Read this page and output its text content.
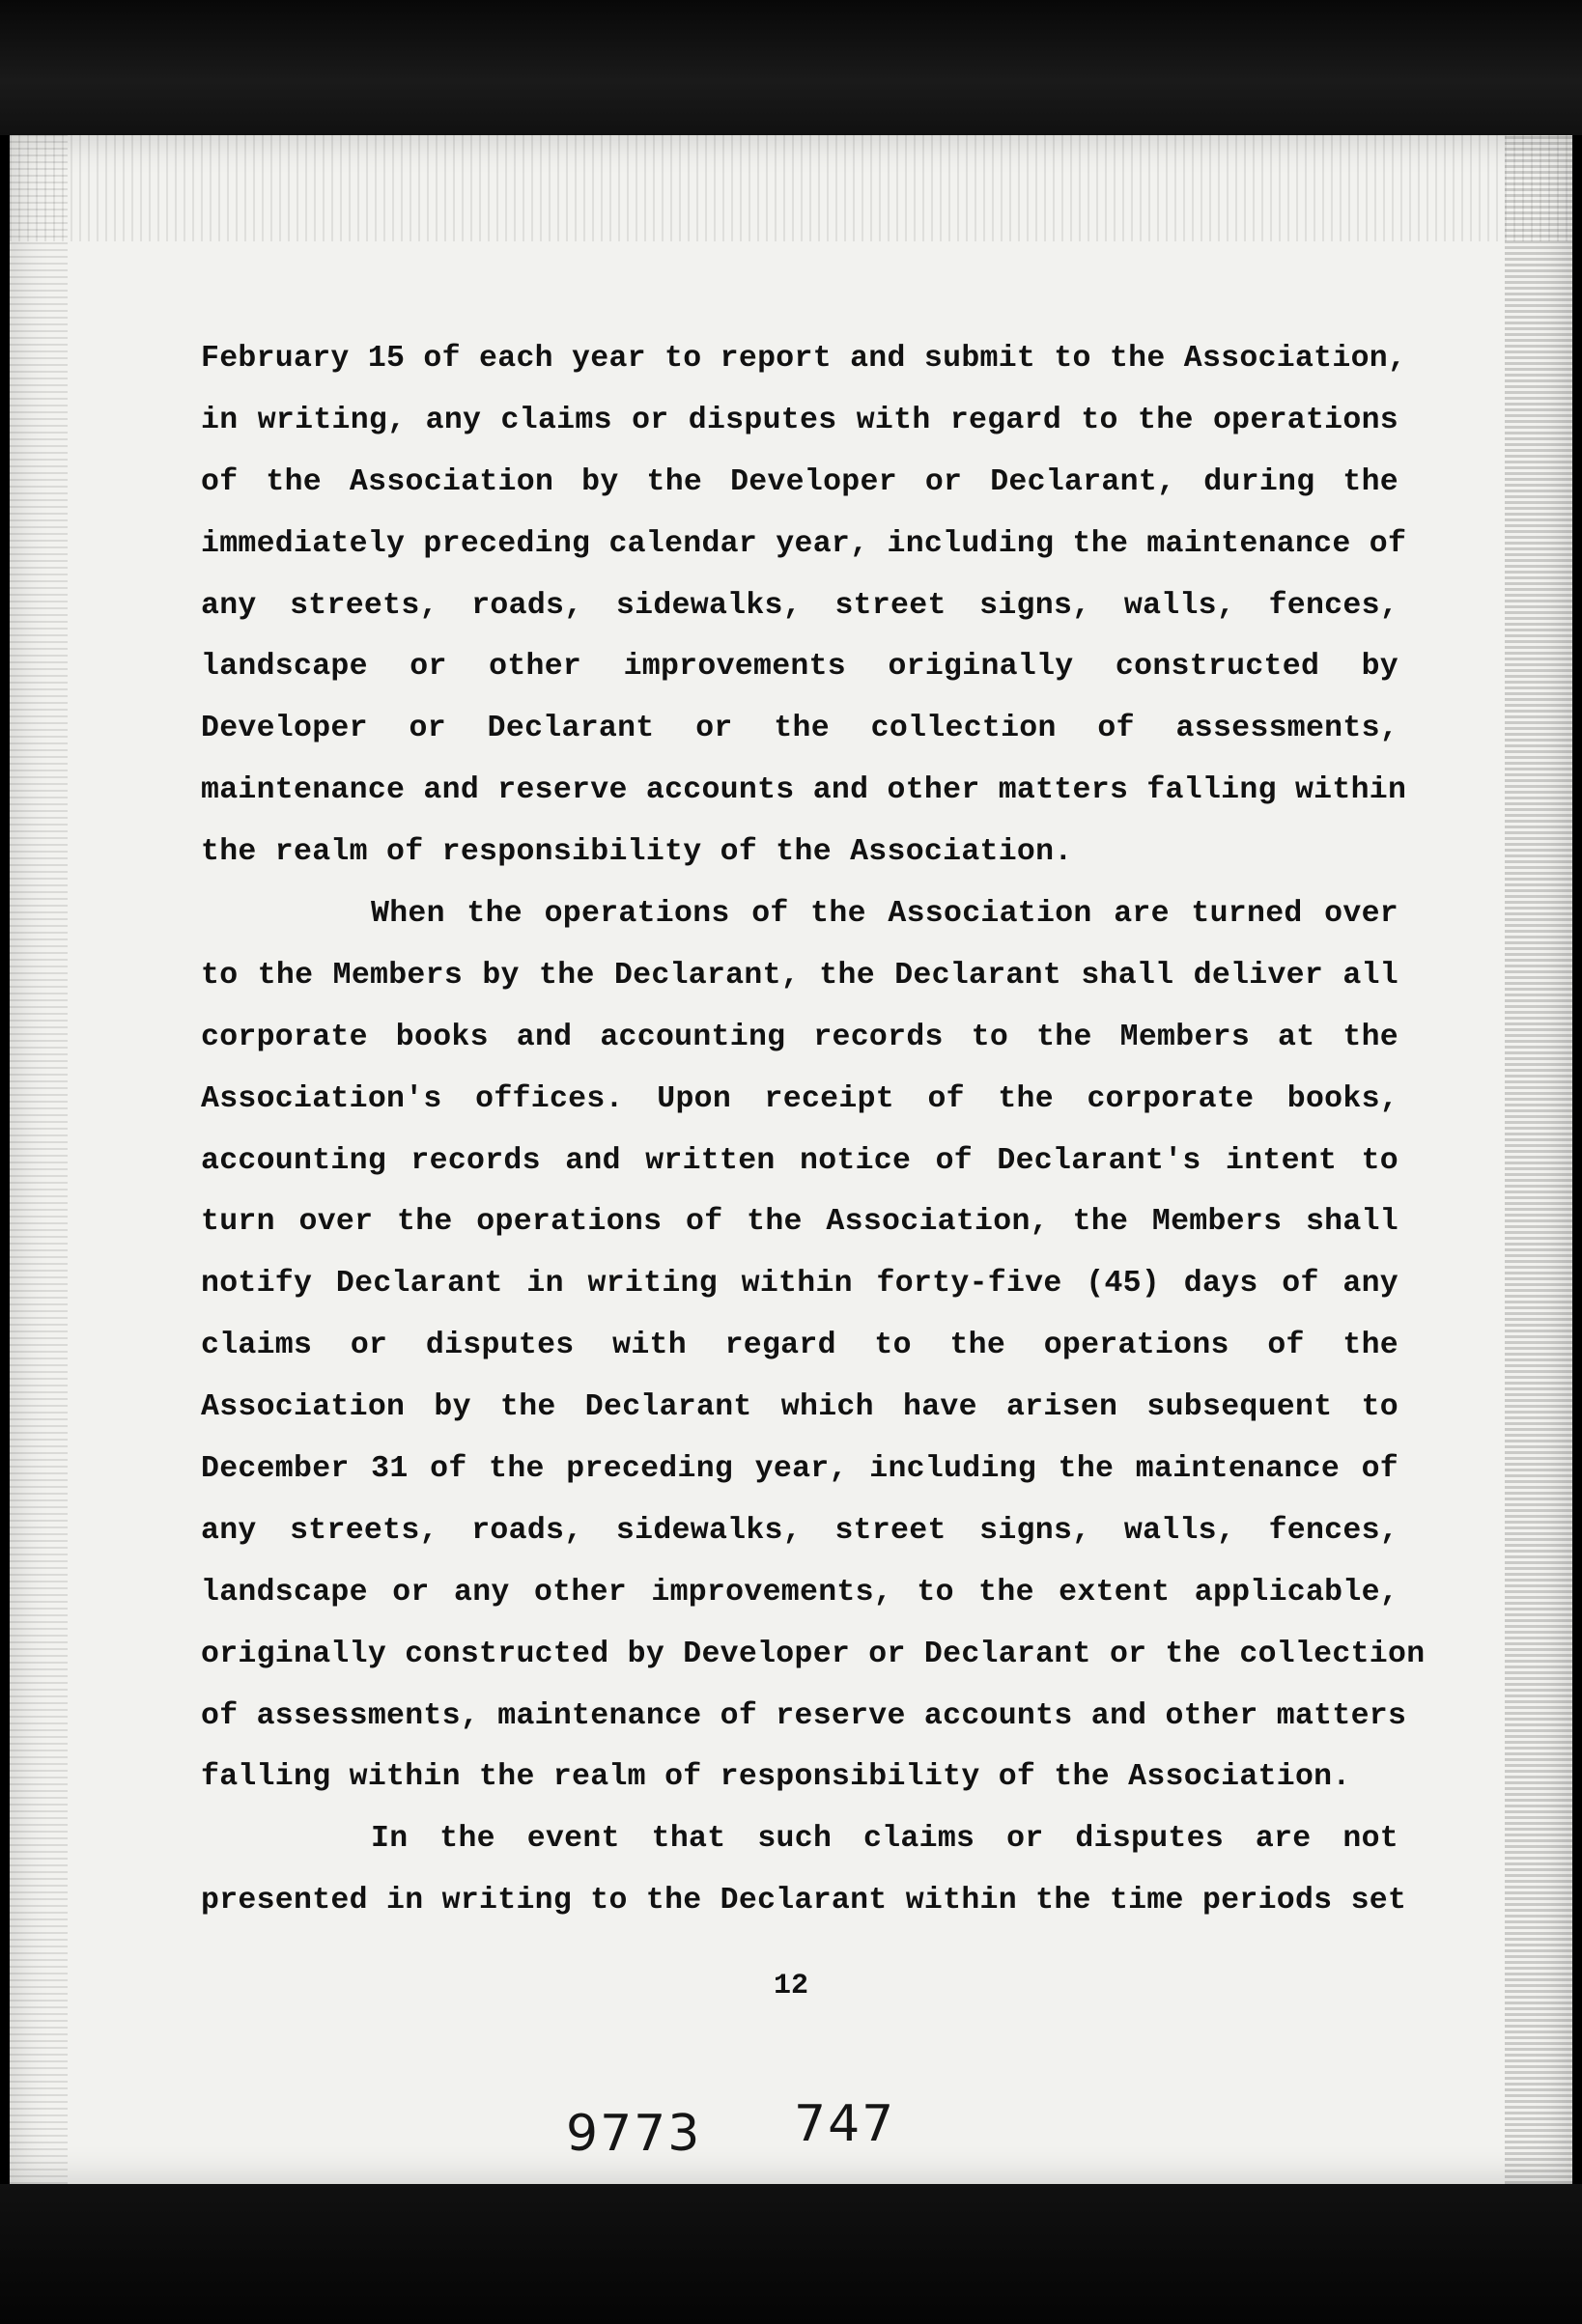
February 15 of each year to report and submit to the Association,
in writing, any claims or disputes with regard to the operations
of the Association by the Developer or Declarant, during the
immediately preceding calendar year, including the maintenance of
any streets, roads, sidewalks, street signs, walls, fences,
landscape or other improvements originally constructed by
Developer or Declarant or the collection of assessments,
maintenance and reserve accounts and other matters falling within
the realm of responsibility of the Association.
When the operations of the Association are turned over
to the Members by the Declarant, the Declarant shall deliver all
corporate books and accounting records to the Members at the
Association's offices. Upon receipt of the corporate books,
accounting records and written notice of Declarant's intent to
turn over the operations of the Association, the Members shall
notify Declarant in writing within forty-five (45) days of any
claims or disputes with regard to the operations of the
Association by the Declarant which have arisen subsequent to
December 31 of the preceding year, including the maintenance of
any streets, roads, sidewalks, street signs, walls, fences,
landscape or any other improvements, to the extent applicable,
originally constructed by Developer or Declarant or the collection
of assessments, maintenance of reserve accounts and other matters
falling within the realm of responsibility of the Association.
In the event that such claims or disputes are not
presented in writing to the Declarant within the time periods set
12
9773 747
